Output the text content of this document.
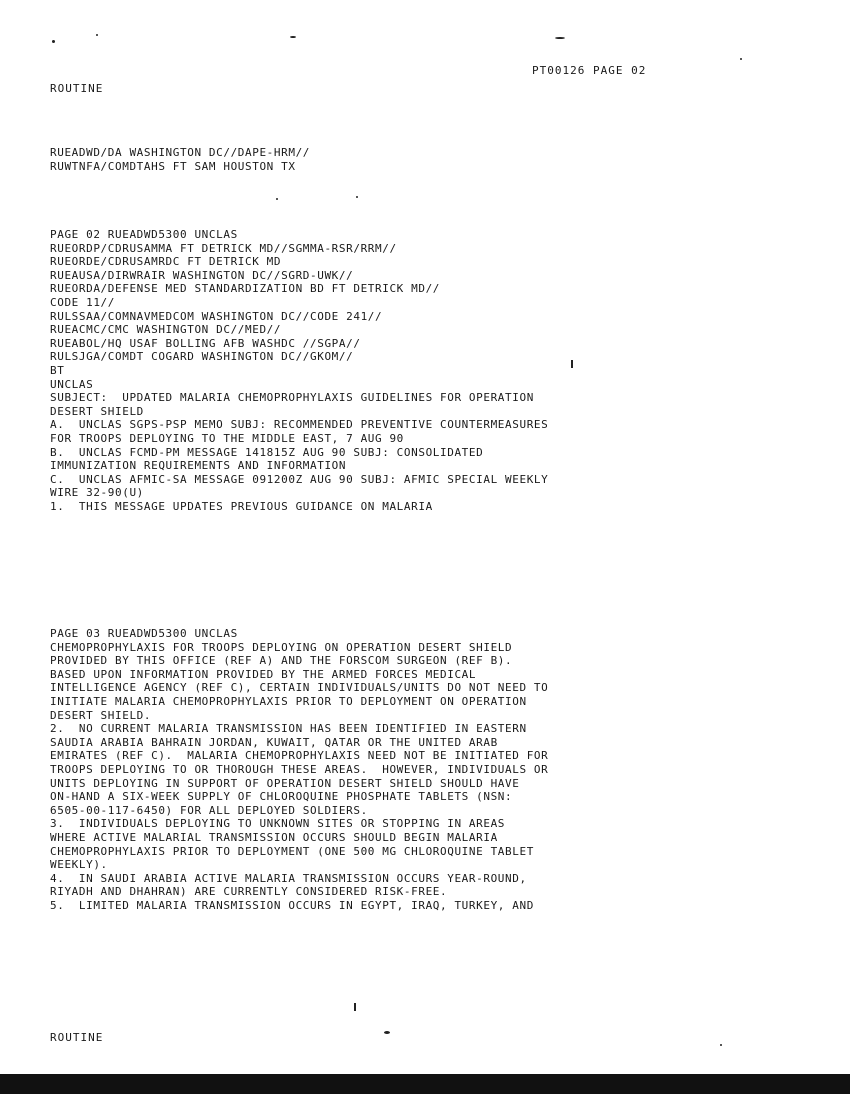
PT00126 PAGE 02
ROUTINE
RUEADWD/DA WASHINGTON DC//DAPE-HRM//
RUWTNFA/COMDTAHS FT SAM HOUSTON TX
PAGE 02 RUEADWD5300 UNCLAS
RUEORDP/CDRUSAMMA FT DETRICK MD//SGMMA-RSR/RRM//
RUEORDE/CDRUSAMRDC FT DETRICK MD
RUEAUSA/DIRWRAIR WASHINGTON DC//SGRD-UWK//
RUEORDA/DEFENSE MED STANDARDIZATION BD FT DETRICK MD//
CODE 11//
RULSSAA/COMNAVMEDCOM WASHINGTON DC//CODE 241//
RUEACMC/CMC WASHINGTON DC//MED//
RUEABOL/HQ USAF BOLLING AFB WASHDC //SGPA//
RULSJGA/COMDT COGARD WASHINGTON DC//GKOM//
BT
UNCLAS
SUBJECT:  UPDATED MALARIA CHEMOPROPHYLAXIS GUIDELINES FOR OPERATION
DESERT SHIELD
A.  UNCLAS SGPS-PSP MEMO SUBJ: RECOMMENDED PREVENTIVE COUNTERMEASURES
FOR TROOPS DEPLOYING TO THE MIDDLE EAST, 7 AUG 90
B.  UNCLAS FCMD-PM MESSAGE 141815Z AUG 90 SUBJ: CONSOLIDATED
IMMUNIZATION REQUIREMENTS AND INFORMATION
C.  UNCLAS AFMIC-SA MESSAGE 091200Z AUG 90 SUBJ: AFMIC SPECIAL WEEKLY
WIRE 32-90(U)
1.  THIS MESSAGE UPDATES PREVIOUS GUIDANCE ON MALARIA
PAGE 03 RUEADWD5300 UNCLAS
CHEMOPROPHYLAXIS FOR TROOPS DEPLOYING ON OPERATION DESERT SHIELD
PROVIDED BY THIS OFFICE (REF A) AND THE FORSCOM SURGEON (REF B).
BASED UPON INFORMATION PROVIDED BY THE ARMED FORCES MEDICAL
INTELLIGENCE AGENCY (REF C), CERTAIN INDIVIDUALS/UNITS DO NOT NEED TO
INITIATE MALARIA CHEMOPROPHYLAXIS PRIOR TO DEPLOYMENT ON OPERATION
DESERT SHIELD.
2.  NO CURRENT MALARIA TRANSMISSION HAS BEEN IDENTIFIED IN EASTERN
SAUDIA ARABIA BAHRAIN JORDAN, KUWAIT, QATAR OR THE UNITED ARAB
EMIRATES (REF C).  MALARIA CHEMOPROPHYLAXIS NEED NOT BE INITIATED FOR
TROOPS DEPLOYING TO OR THOROUGH THESE AREAS.  HOWEVER, INDIVIDUALS OR
UNITS DEPLOYING IN SUPPORT OF OPERATION DESERT SHIELD SHOULD HAVE
ON-HAND A SIX-WEEK SUPPLY OF CHLOROQUINE PHOSPHATE TABLETS (NSN:
6505-00-117-6450) FOR ALL DEPLOYED SOLDIERS.
3.  INDIVIDUALS DEPLOYING TO UNKNOWN SITES OR STOPPING IN AREAS
WHERE ACTIVE MALARIAL TRANSMISSION OCCURS SHOULD BEGIN MALARIA
CHEMOPROPHYLAXIS PRIOR TO DEPLOYMENT (ONE 500 MG CHLOROQUINE TABLET
WEEKLY).
4.  IN SAUDI ARABIA ACTIVE MALARIA TRANSMISSION OCCURS YEAR-ROUND,
RIYADH AND DHAHRAN) ARE CURRENTLY CONSIDERED RISK-FREE.
5.  LIMITED MALARIA TRANSMISSION OCCURS IN EGYPT, IRAQ, TURKEY, AND
ROUTINE
